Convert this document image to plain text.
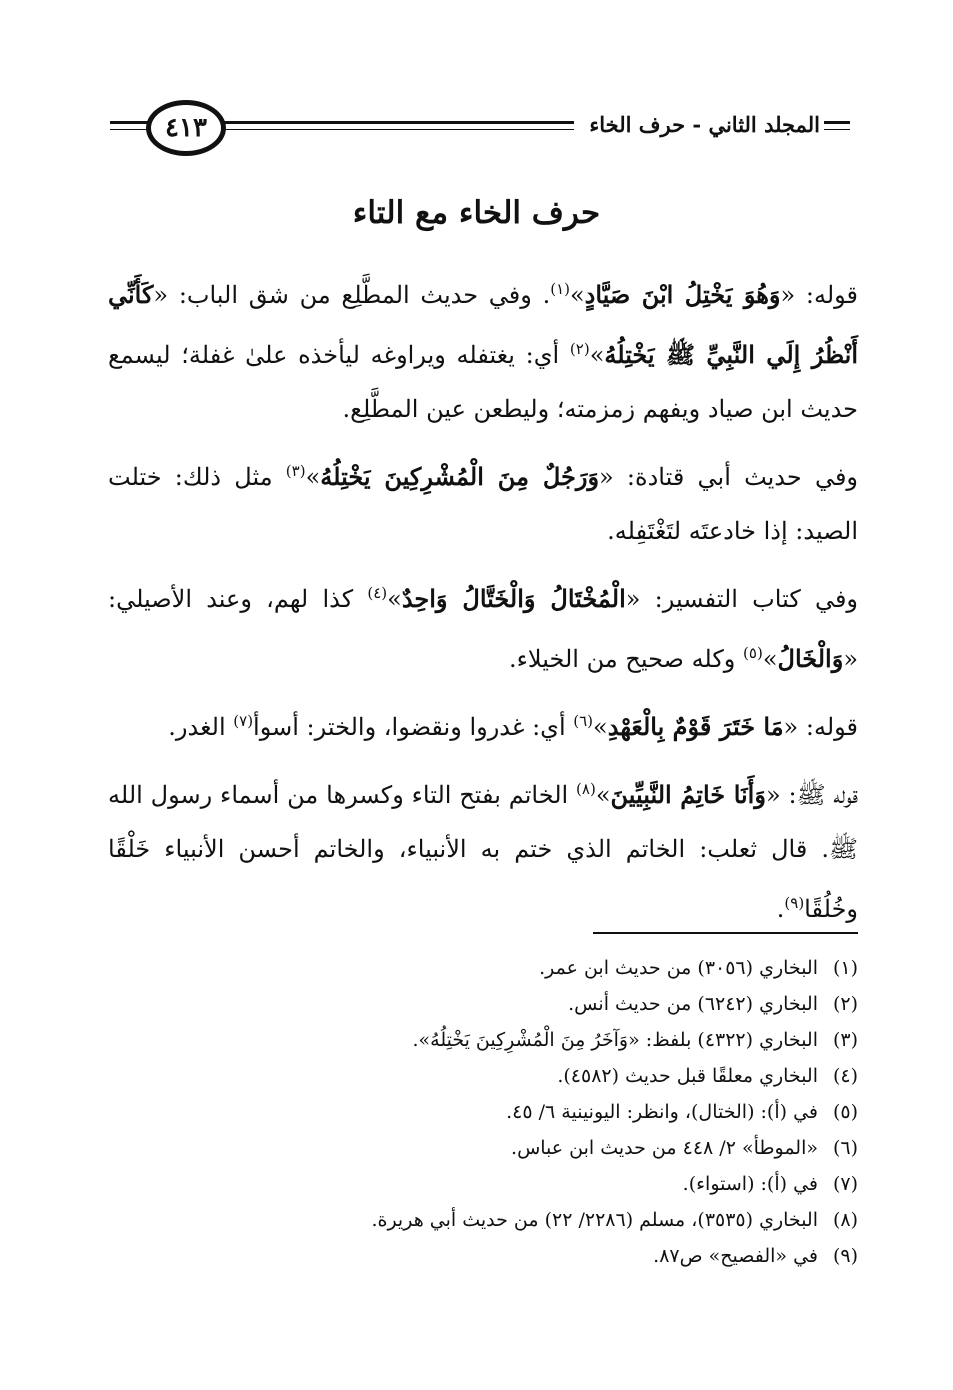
٤١٣	المجلد الثاني - حرف الخاء
حرف الخاء مع التاء

قوله: «وَهُوَ يَخْتِلُ ابْنَ صَيَّادٍ»$^{(١)}$. وفي حديث المطَّلِع من شق الباب: «كَأَنِّي أَنْظُرُ إِلَي النَّبِيِّ ﷺ يَخْتِلُهُ»$^{(٢)}$ أي: يغتفله ويراوغه ليأخذه علىٰ غفلة؛ ليسمع حديث ابن صياد ويفهم زمزمته؛ وليطعن عين المطَّلِع.

وفي حديث أبي قتادة: «وَرَجُلٌ مِنَ الْمُشْرِكِينَ يَخْتِلُهُ»$^{(٣)}$ مثل ذلك: ختلت الصيد: إذا خادعتَه لتَغْتَفِله.

وفي كتاب التفسير: «الْمُخْتَالُ وَالْخَتَّالُ وَاحِدٌ»$^{(٤)}$ كذا لهم، وعند الأصيلي: «وَالْخَالُ»$^{(٥)}$ وكله صحيح من الخيلاء.

قوله: «مَا خَتَرَ قَوْمٌ بِالْعَهْدِ»$^{(٦)}$ أي: غدروا ونقضوا، والختر: أسوأ$^{(٧)}$ الغدر.

قوله ﷺ: «وَأَنَا خَاتِمُ النَّبِيِّينَ»$^{(٨)}$ الخاتم بفتح التاء وكسرها من أسماء رسول الله ﷺ. قال ثعلب: الخاتم الذي ختم به الأنبياء، والخاتم أحسن الأنبياء خَلْقًا وخُلُقًا$^{(٩)}$.

(١)
البخاري (٣٠٥٦) من حديث ابن عمر.
(٢)
البخاري (٦٢٤٢) من حديث أنس.
(٣)
البخاري (٤٣٢٢) بلفظ: «وَآخَرُ مِنَ الْمُشْرِكِينَ يَخْتِلُهُ».
(٤)
البخاري معلقًا قبل حديث (٤٥٨٢).
(٥)
في (أ): (الختال)، وانظر: اليونينية ٦/ ٤٥.
(٦)
«الموطأ» ٢/ ٤٤٨ من حديث ابن عباس.
(٧)
في (أ): (استواء).
(٨)
البخاري (٣٥٣٥)، مسلم (٢٢٨٦/ ٢٢) من حديث أبي هريرة.
(٩)
في «الفصيح» ص٨٧.
